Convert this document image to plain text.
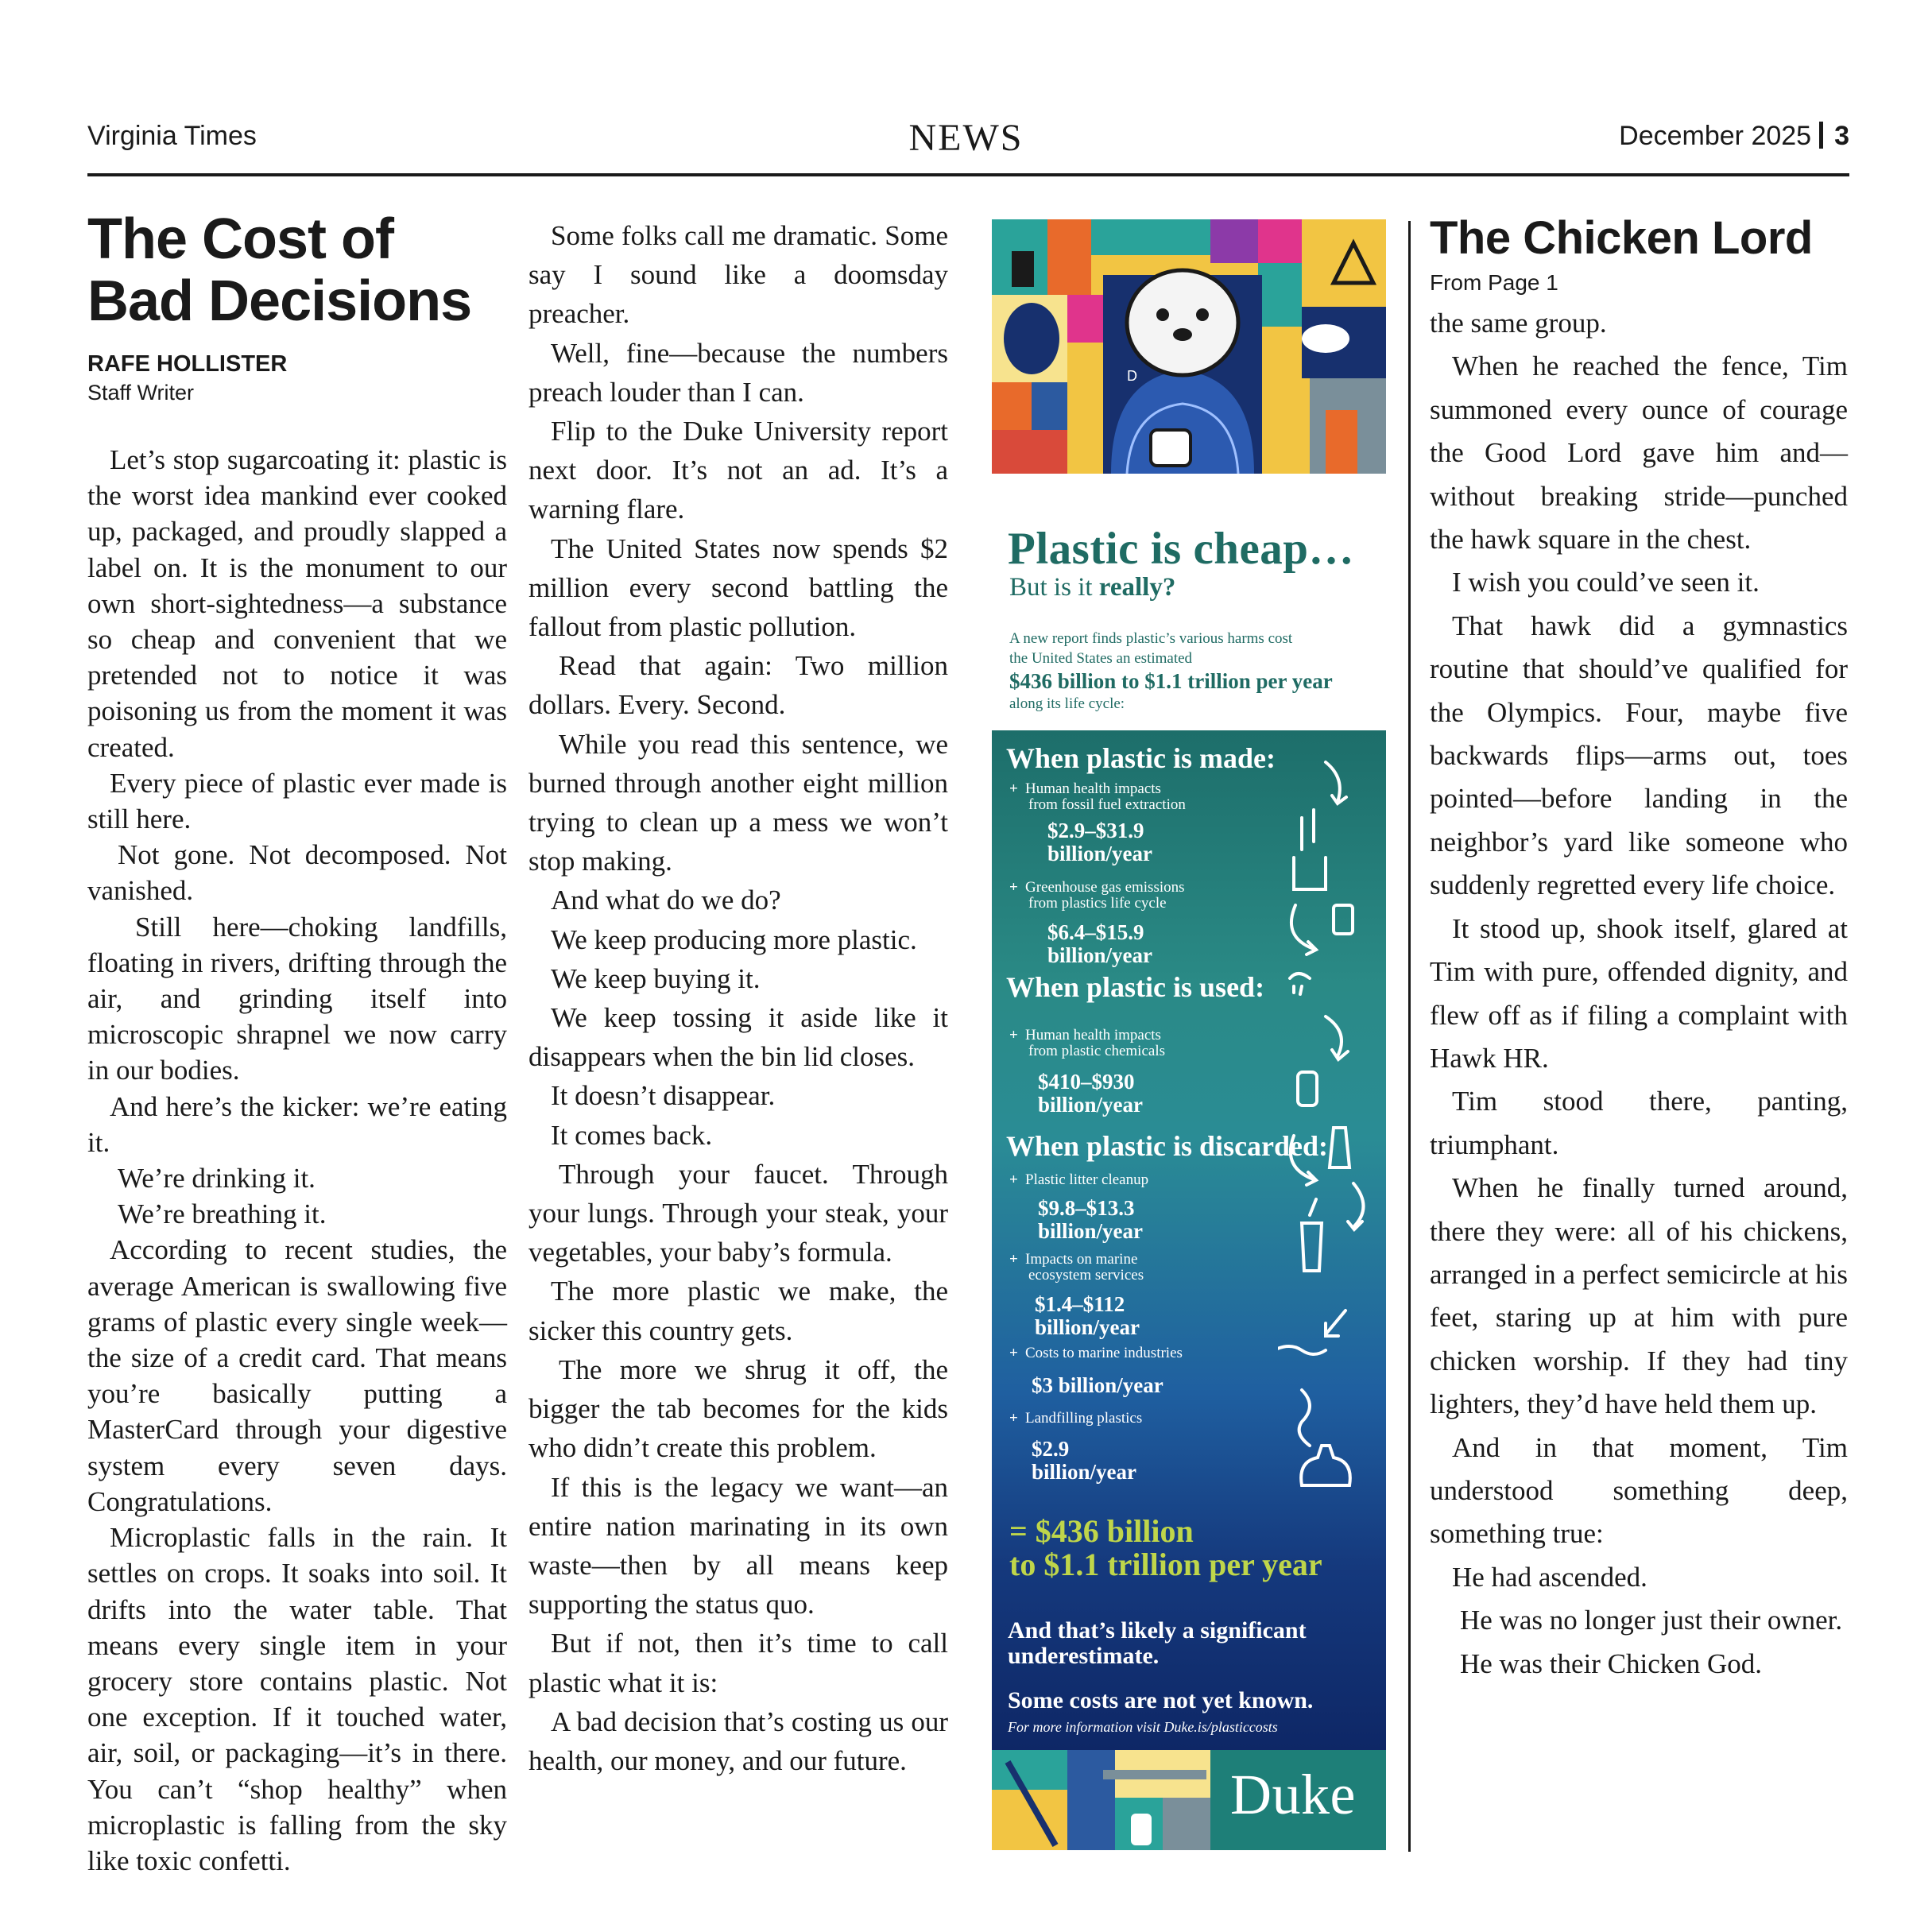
Virginia Times	NEWS	December 2025 3
The Cost of Bad Decisions
RAFE HOLLISTER
Staff Writer

Let’s stop sugarcoating it: plastic is the worst idea mankind ever cooked up, packaged, and proudly slapped a label on. It is the monument to our own short-sightedness—a substance so cheap and convenient that we pretended not to notice it was poisoning us from the moment it was created.

Every piece of plastic ever made is still here.

Not gone. Not decomposed. Not vanished.

Still here—choking landfills, floating in rivers, drifting through the air, and grinding itself into microscopic shrapnel we now carry in our bodies.

And here’s the kicker: we’re eating it.

We’re drinking it.

We’re breathing it.

According to recent studies, the average American is swallowing five grams of plastic every single week—the size of a credit card. That means you’re basically putting a MasterCard through your digestive system every seven days. Congratulations.

Microplastic falls in the rain. It settles on crops. It soaks into soil. It drifts into the water table. That means every single item in your grocery store contains plastic. Not one exception. If it touched water, air, soil, or packaging—it’s in there. You can’t “shop healthy” when microplastic is falling from the sky like toxic confetti.

Some folks call me dramatic. Some say I sound like a doomsday preacher.

Well, fine—because the numbers preach louder than I can.

Flip to the Duke University report next door. It’s not an ad. It’s a warning flare.

The United States now spends $2 million every second battling the fallout from plastic pollution.

Read that again: Two million dollars. Every. Second.

While you read this sentence, we burned through another eight million trying to clean up a mess we won’t stop making.

And what do we do?

We keep producing more plastic.

We keep buying it.

We keep tossing it aside like it disappears when the bin lid closes.

It doesn’t disappear.

It comes back.

Through your faucet. Through your lungs. Through your steak, your vegetables, your baby’s formula.

The more plastic we make, the sicker this country gets.

The more we shrug it off, the bigger the tab becomes for the kids who didn’t create this problem.

If this is the legacy we want—an entire nation marinating in its own waste—then by all means keep supporting the status quo.

But if not, then it’s time to call plastic what it is:

A bad decision that’s costing us our health, our money, and our future.

D
Plastic is cheap…
But is it really?
A new report finds plastic’s various harms cost
the United States an estimated
$436 billion to $1.1 trillion per year
along its life cycle:
When plastic is made:
+ Human health impacts
from fossil fuel extraction
$2.9–$31.9
billion/year
+ Greenhouse gas emissions
from plastics life cycle
$6.4–$15.9
billion/year
When plastic is used:
+ Human health impacts
from plastic chemicals
$410–$930
billion/year
When plastic is discarded:
+ Plastic litter cleanup
$9.8–$13.3
billion/year
+ Impacts on marine
ecosystem services
$1.4–$112
billion/year
+ Costs to marine industries
$3 billion/year
+ Landfilling plastics
$2.9
billion/year
= $436 billion
to $1.1 trillion per year
And that’s likely a significant
underestimate.
Some costs are not yet known.
For more information visit Duke.is/plasticcosts
Duke
The Chicken Lord
From Page 1

the same group.

When he reached the fence, Tim summoned every ounce of courage the Good Lord gave him and—without breaking stride—punched the hawk square in the chest.

I wish you could’ve seen it.

That hawk did a gymnastics routine that should’ve qualified for the Olympics. Four, maybe five backwards flips—arms out, toes pointed—before landing in the neighbor’s yard like someone who suddenly regretted every life choice.

It stood up, shook itself, glared at Tim with pure, offended dignity, and flew off as if filing a complaint with Hawk HR.

Tim stood there, panting, triumphant.

When he finally turned around, there they were: all of his chickens, arranged in a perfect semicircle at his feet, staring up at him with pure chicken worship. If they had tiny lighters, they’d have held them up.

And in that moment, Tim understood something deep, something true:

He had ascended.

He was no longer just their owner.

He was their Chicken God.
